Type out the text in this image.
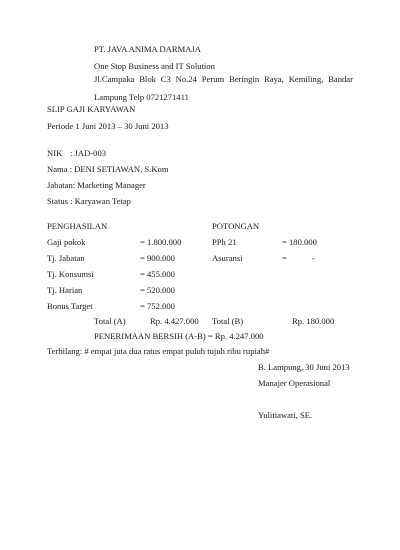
PT. JAVA ANIMA DARMAJA
One Stop Business and IT Solution
Jl.Campaka Blok C3 No.24 Perum Beringin Raya, Kemiling, Bandar Lampung Telp 0721271411
SLIP GAJI KARYAWAN
Periode 1 Juni 2013 – 30 Juni 2013
NIK : JAD-003
Nama : DENI SETIAWAN, S.Kom
Jabatan: Marketing Manager
Status : Karyawan Tetap
PENGHASILAN	POTONGAN
Gaji pokok	= 1.800.000	PPh 21	= 180.000
Tj. Jabatan	= 900.000	Asuransi	=	-
Tj. Konsumsi	= 455.000
Tj. Harian	= 520.000
Bonus Target	= 752.000
Total (A)	Rp. 4.427.000 Total (B)	Rp. 180.000
PENERIMAAN BERSIH (A-B) = Rp. 4.247.000
Terbilang: # empat juta dua ratus empat puluh tujuh ribu rupiah#
B. Lampung, 30 Juni 2013
Manajer Operasional
Yulitiawati, SE.
